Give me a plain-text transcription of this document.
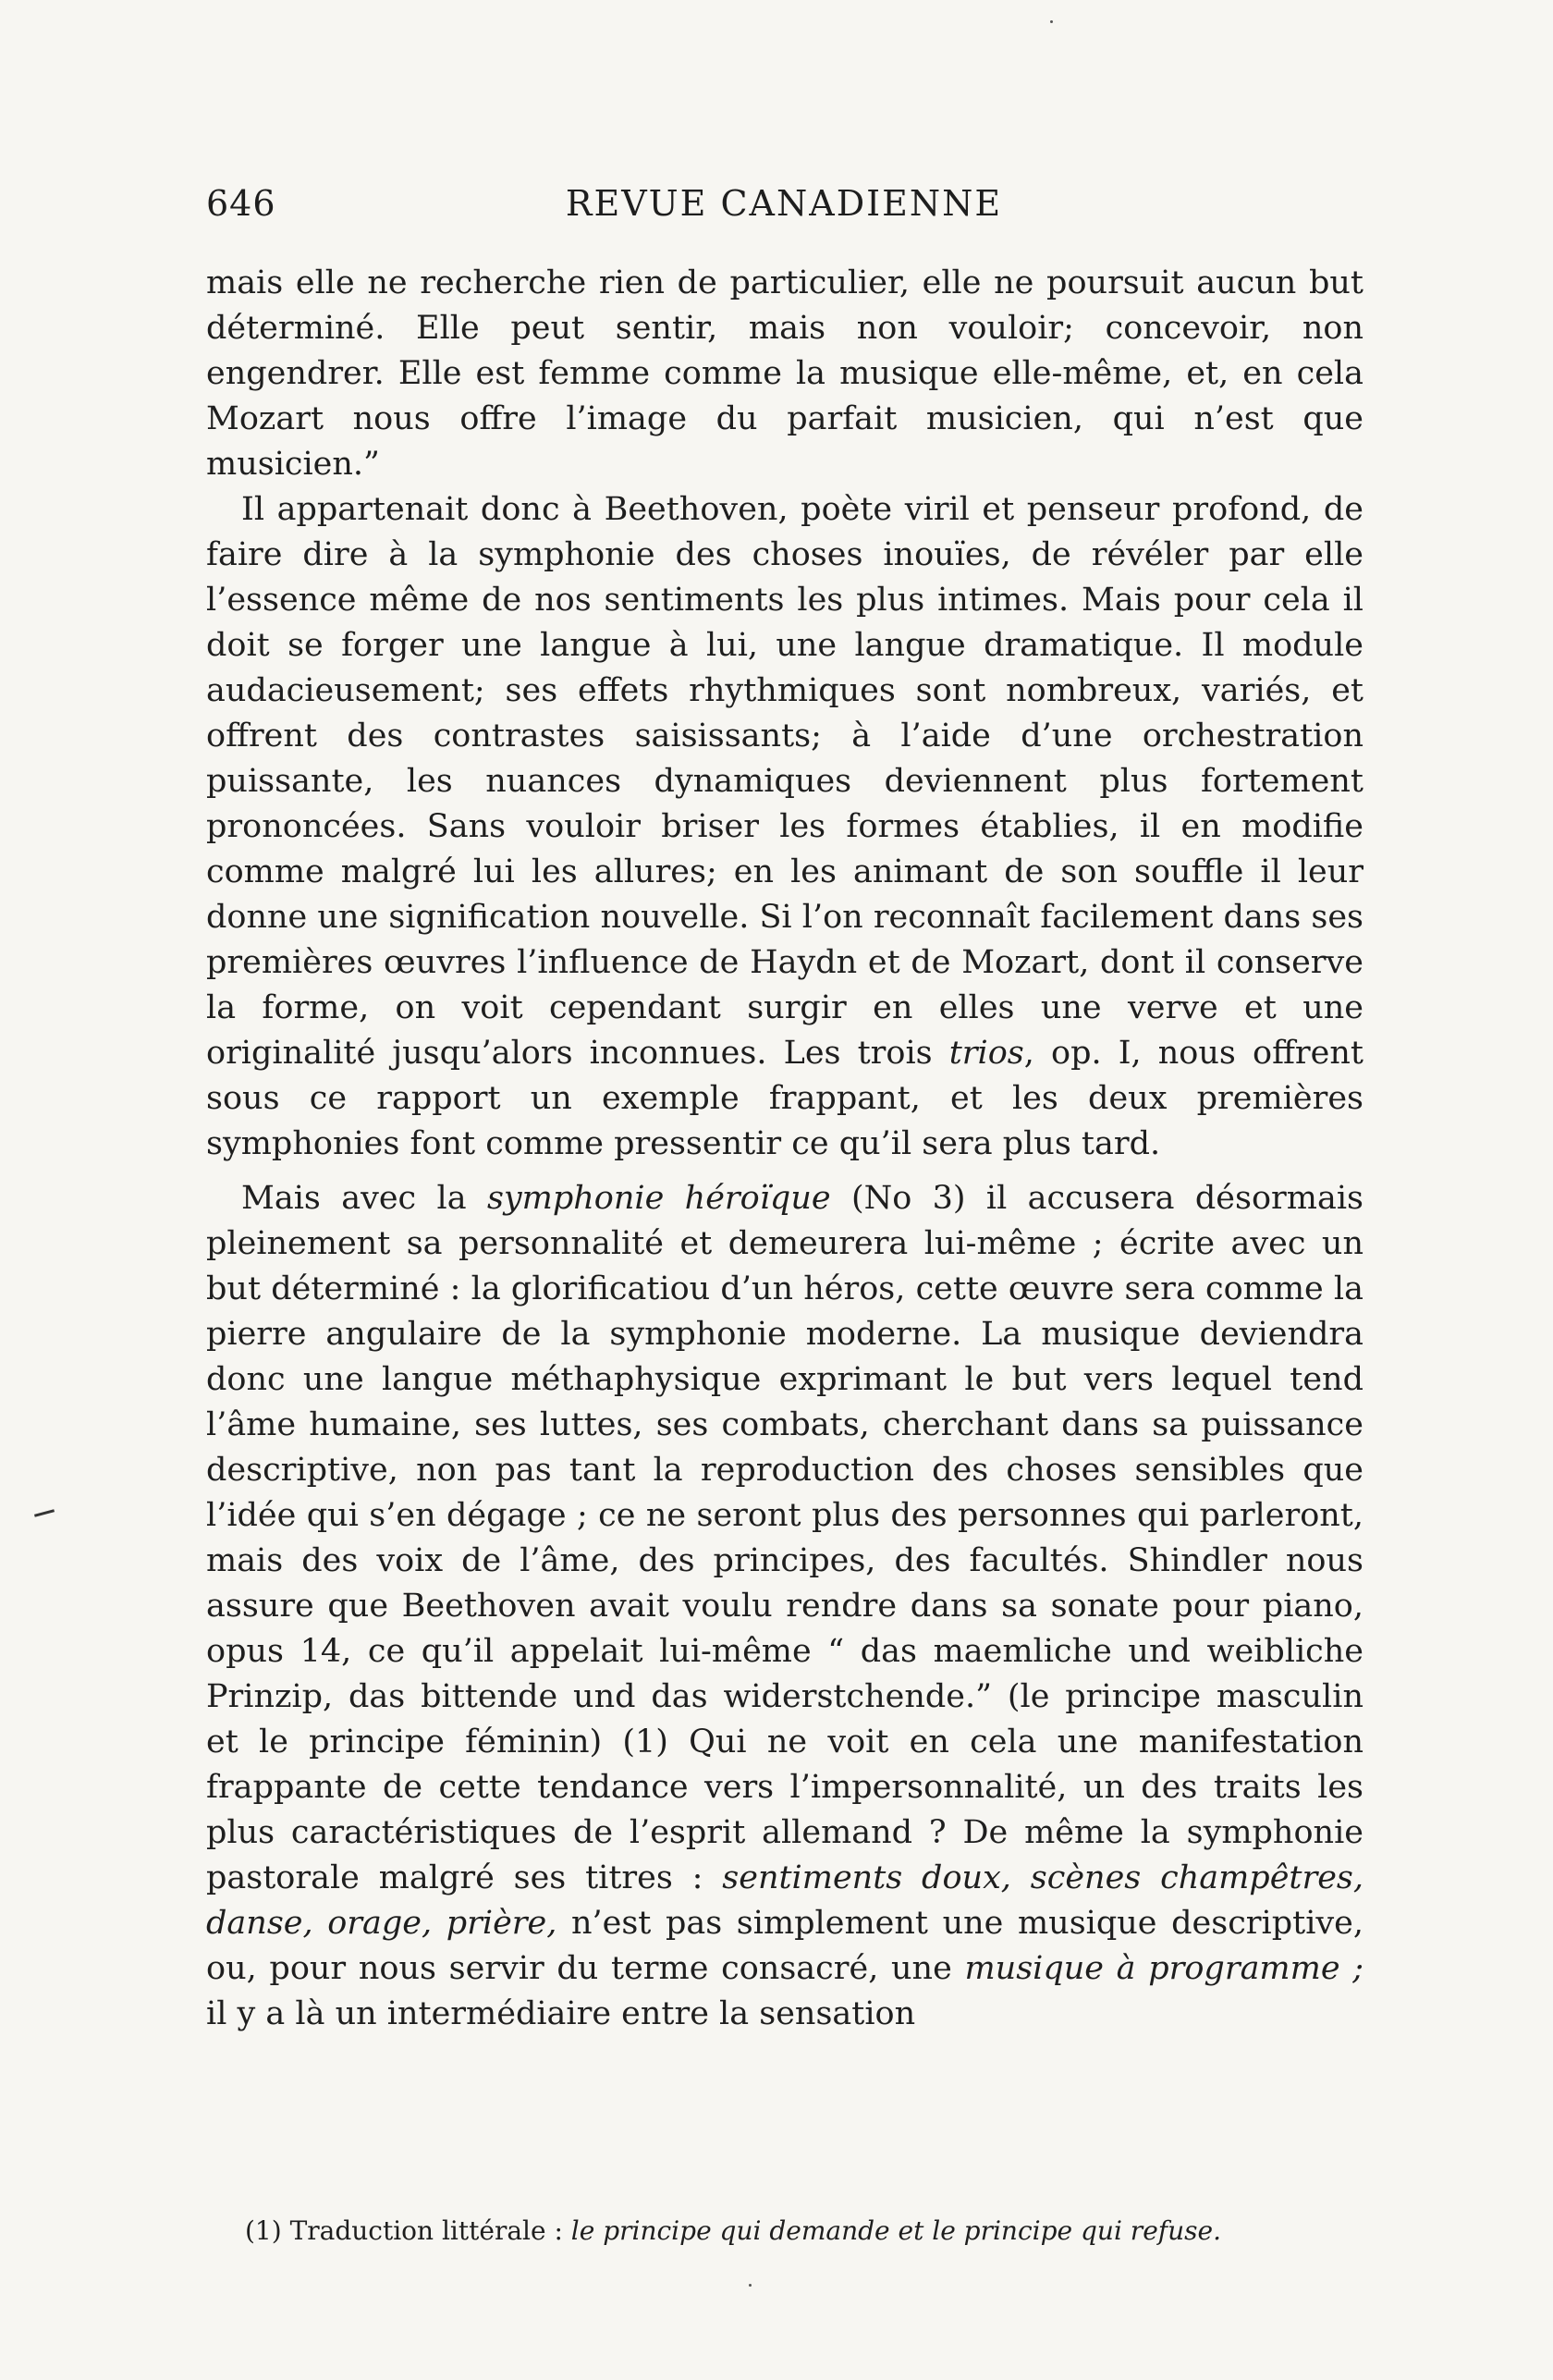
646	REVUE CANADIENNE

mais elle ne recherche rien de particulier, elle ne poursuit aucun but déterminé. Elle peut sentir, mais non vouloir; concevoir, non engendrer. Elle est femme comme la musique elle-même, et, en cela Mozart nous offre l’image du parfait musicien, qui n’est que musicien.”

Il appartenait donc à Beethoven, poète viril et penseur profond, de faire dire à la symphonie des choses inouïes, de révéler par elle l’essence même de nos sentiments les plus intimes. Mais pour cela il doit se forger une langue à lui, une langue dramatique. Il module audacieusement; ses effets rhythmiques sont nombreux, variés, et offrent des contrastes saisissants; à l’aide d’une orchestration puissante, les nuances dynamiques deviennent plus fortement prononcées. Sans vouloir briser les formes établies, il en modifie comme malgré lui les allures; en les animant de son souffle il leur donne une signification nouvelle. Si l’on reconnaît facilement dans ses premières œuvres l’influence de Haydn et de Mozart, dont il conserve la forme, on voit cependant surgir en elles une verve et une originalité jusqu’alors inconnues. Les trois trios, op. I, nous offrent sous ce rapport un exemple frappant, et les deux premières symphonies font comme pressentir ce qu’il sera plus tard.

Mais avec la symphonie héroïque (No 3) il accusera désormais pleinement sa personnalité et demeurera lui-même ; écrite avec un but déterminé : la glorificatiou d’un héros, cette œuvre sera comme la pierre angulaire de la symphonie moderne. La musique deviendra donc une langue méthaphysique exprimant le but vers lequel tend l’âme humaine, ses luttes, ses combats, cherchant dans sa puissance descriptive, non pas tant la reproduction des choses sensibles que l’idée qui s’en dégage ; ce ne seront plus des personnes qui parleront, mais des voix de l’âme, des principes, des facultés. Shindler nous assure que Beethoven avait voulu rendre dans sa sonate pour piano, opus 14, ce qu’il appelait lui-même “ das maemliche und weibliche Prinzip, das bittende und das widerstchende.” (le principe masculin et le principe féminin) (1) Qui ne voit en cela une manifestation frappante de cette tendance vers l’impersonnalité, un des traits les plus caractéristiques de l’esprit allemand ? De même la symphonie pastorale malgré ses titres : sentiments doux, scènes champêtres, danse, orage, prière, n’est pas simplement une musique descriptive, ou, pour nous servir du terme consacré, une musique à programme ; il y a là un intermédiaire entre la sensation

(1) Traduction littérale : le principe qui demande et le principe qui refuse.
